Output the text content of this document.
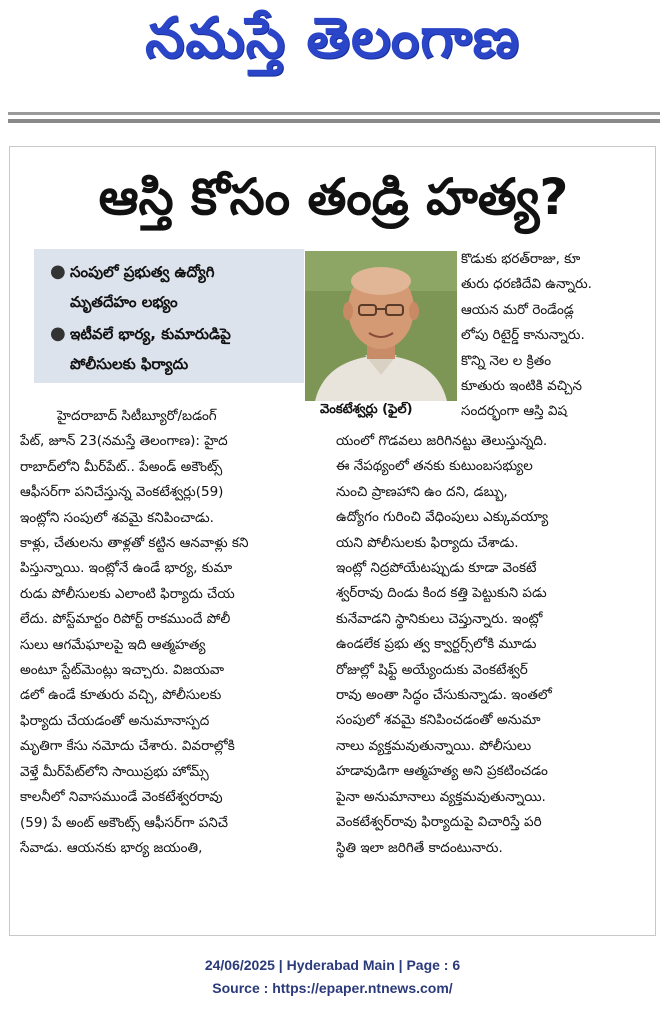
నమస్తే తెలంగాణ
ఆస్తి కోసం తండ్రి హత్య?
● సంపులో ప్రభుత్వ ఉద్యోగి
మృతదేహం లభ్యం
● ఇటీవలే భార్య, కుమారుడిపై
పోలీసులకు ఫిర్యాదు
వెంకటేశ్వర్లు (ఫైల్)
కొడుకు భరత్‌రాజు, కూ
తురు ధరణిదేవి ఉన్నారు.
ఆయన మరో రెండేండ్ల
లోపు రిటైర్డ్ కానున్నారు.
కొన్ని నెల ల క్రితం
కూతురు ఇంటికి వచ్చిన
సందర్భంగా ఆస్తి విష
హైదరాబాద్ సిటీబ్యూరో/బడంగ్
పేట్, జూన్ 23(నమస్తే తెలంగాణ): హైద
రాబాద్‌లోని మీర్‌పేట్.. పేఅండ్ అకౌంట్స్
ఆఫీసర్‌గా పనిచేస్తున్న వెంకటేశ్వర్లు(59)
ఇంట్లోని సంపులో శవమై కనిపించాడు.
కాళ్లు, చేతులను తాళ్లతో కట్టిన ఆనవాళ్లు కని
పిస్తున్నాయి. ఇంట్లోనే ఉండే భార్య, కుమా
రుడు పోలీసులకు ఎలాంటి ఫిర్యాదు చేయ
లేదు. పోస్ట్‌మార్టం రిపోర్ట్ రాకముందే పోలీ
సులు ఆగమేఘాలపై ఇది ఆత్మహత్య
అంటూ స్టేట్‌మెంట్లు ఇచ్చారు. విజయవా
డలో ఉండే కూతురు వచ్చి, పోలీసులకు
ఫిర్యాదు చేయడంతో అనుమానాస్పద
మృతిగా కేసు నమోదు చేశారు. వివరాల్లోకి
వెళ్తే మీర్‌పేట్‌లోని సాయిప్రభు హోమ్స్
కాలనీలో నివాసముండే వెంకటేశ్వరరావు
(59) పే అంట్ అకౌంట్స్ ఆఫీసర్‌గా పనిచే
సేవాడు. ఆయనకు భార్య జయంతి,
యంలో గొడవలు జరిగినట్టు తెలుస్తున్నది.
ఈ నేపథ్యంలో తనకు కుటుంబసభ్యుల
నుంచి ప్రాణహాని ఉం దని, డబ్బు,
ఉద్యోగం గురించి వేధింపులు ఎక్కువయ్యా
యని పోలీసులకు ఫిర్యాదు చేశాడు.
ఇంట్లో నిద్రపోయేటప్పుడు కూడా వెంకటే
శ్వర్‌రావు దిండు కింద కత్తి పెట్టుకుని పడు
కునేవాడని స్థానికులు చెప్తున్నారు. ఇంట్లో
ఉండలేక ప్రభు త్వ క్వార్టర్స్‌లోకి మూడు
రోజుల్లో షిఫ్ట్ అయ్యేందుకు వెంకటేశ్వర్
రావు అంతా సిద్ధం చేసుకున్నాడు. ఇంతలో
సంపులో శవమై కనిపించడంతో అనుమా
నాలు వ్యక్తమవుతున్నాయి. పోలీసులు
హడావుడిగా ఆత్మహత్య అని ప్రకటించడం
పైనా అనుమానాలు వ్యక్తమవుతున్నాయి.
వెంకటేశ్వర్‌రావు ఫిర్యాదుపై విచారిస్తే పరి
స్థితి ఇలా జరిగితే కాదంటునారు.
24/06/2025 | Hyderabad Main | Page : 6
Source : https://epaper.ntnews.com/
